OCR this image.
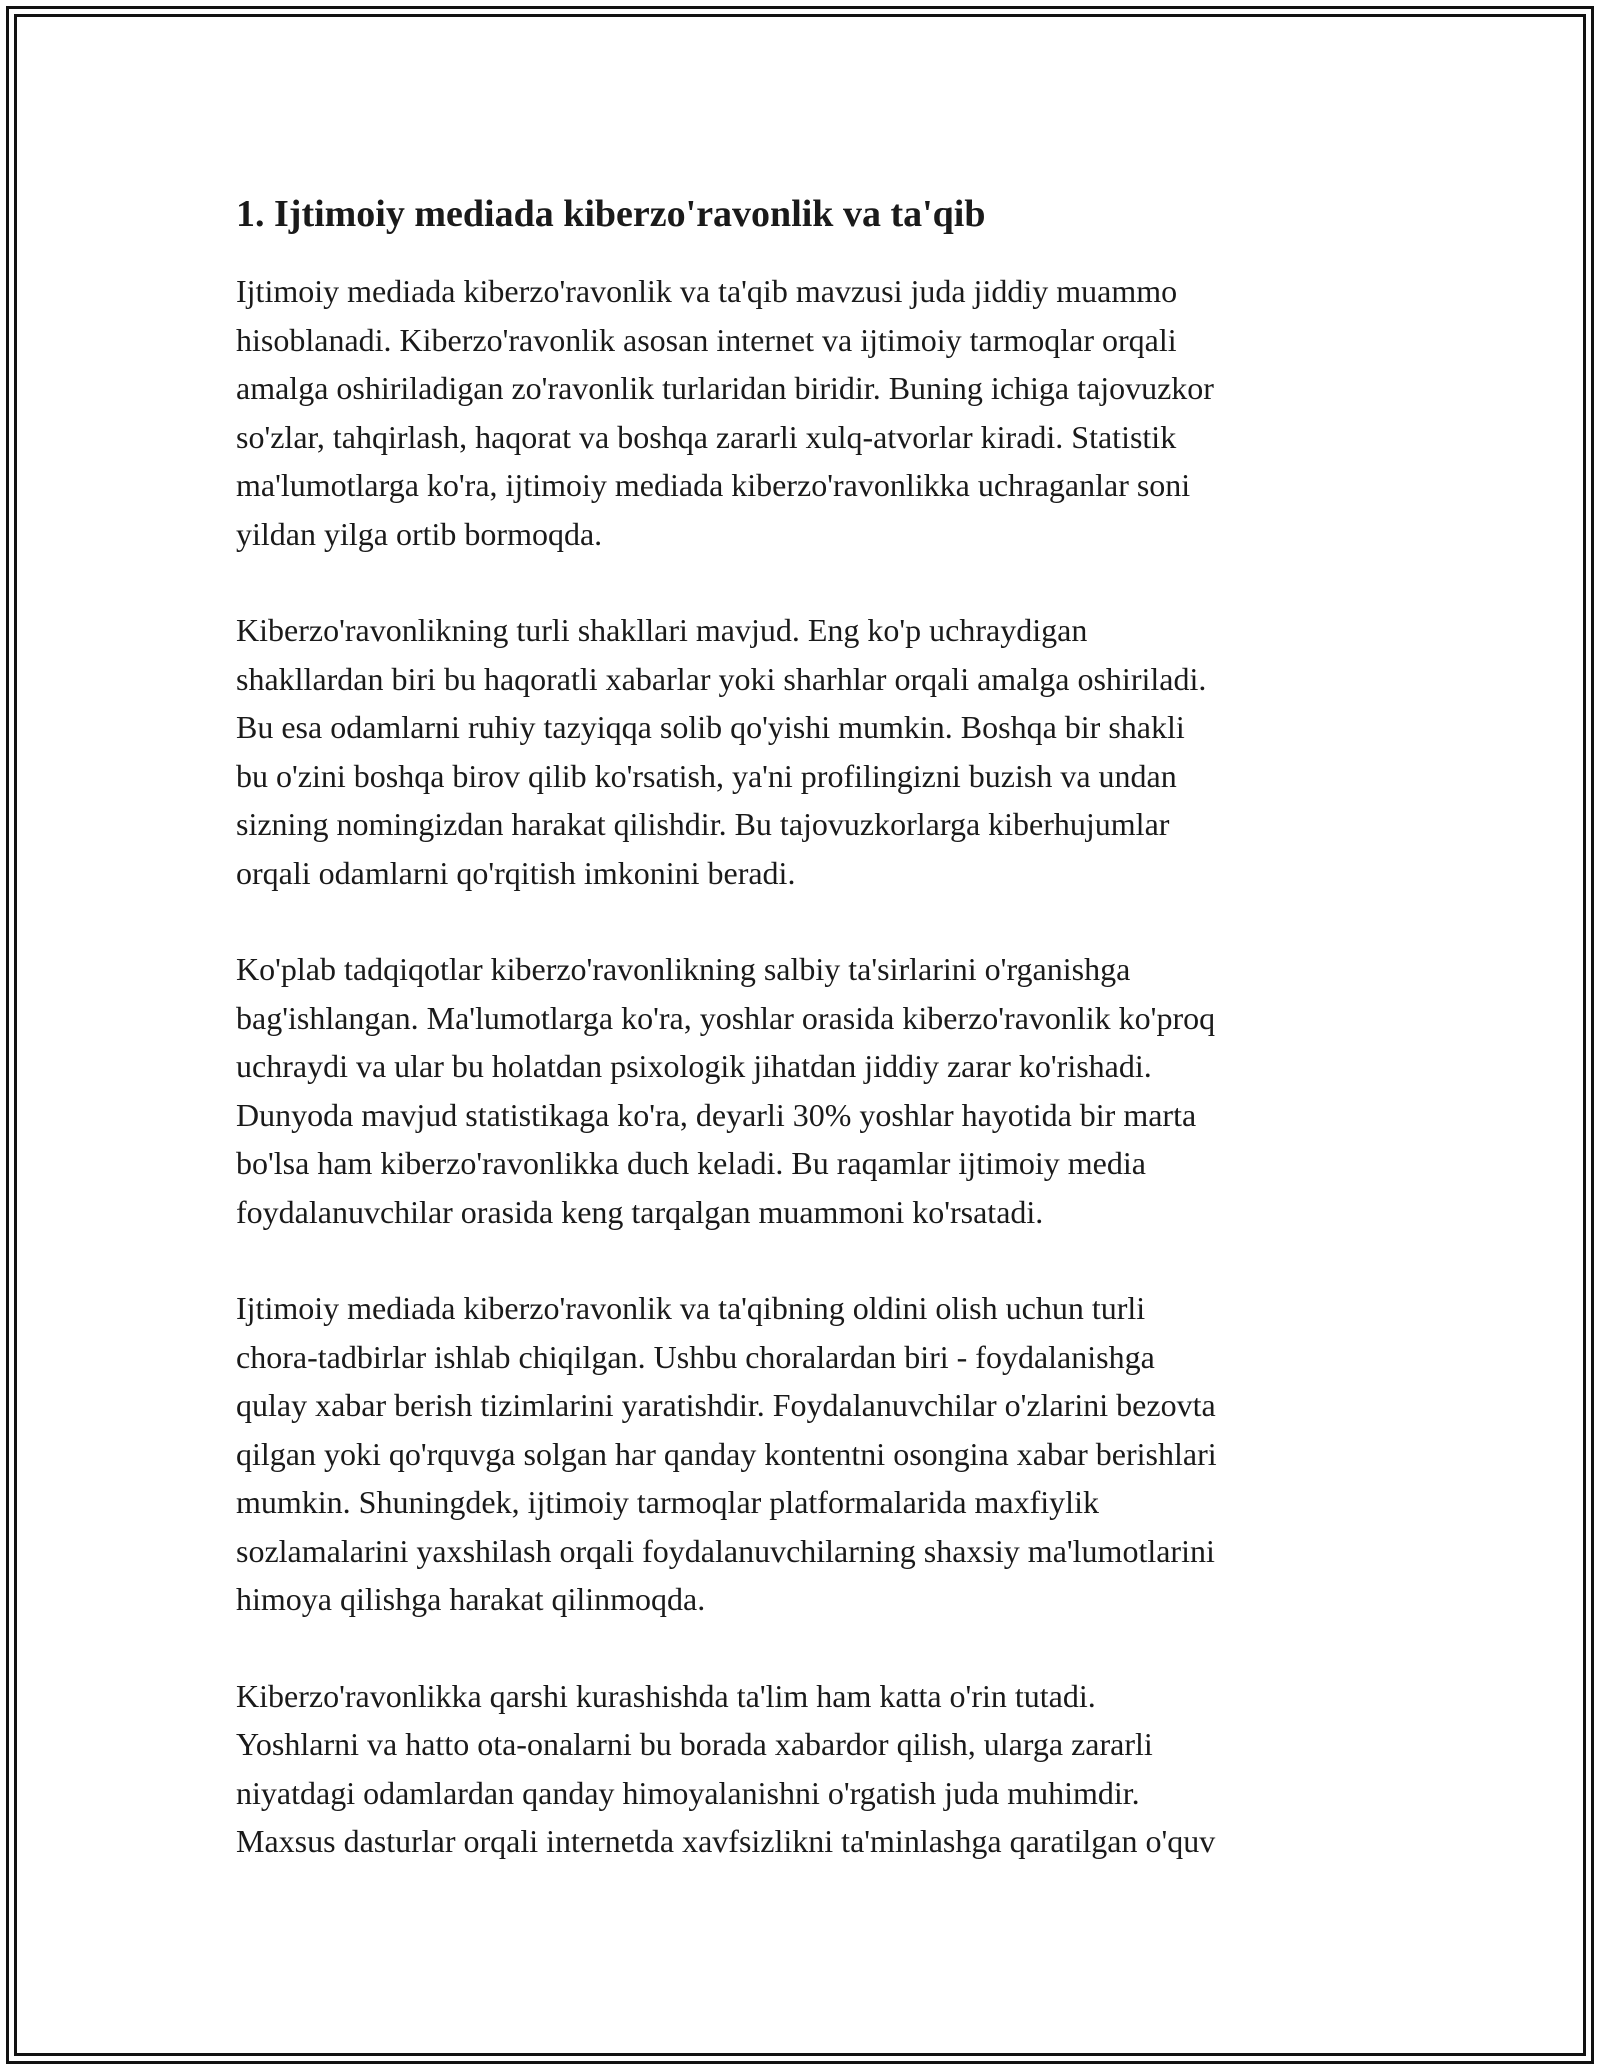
1. Ijtimoiy mediada kiberzo'ravonlik va ta'qib

Ijtimoiy mediada kiberzo'ravonlik va ta'qib mavzusi juda jiddiy muammo
hisoblanadi. Kiberzo'ravonlik asosan internet va ijtimoiy tarmoqlar orqali
amalga oshiriladigan zo'ravonlik turlaridan biridir. Buning ichiga tajovuzkor
so'zlar, tahqirlash, haqorat va boshqa zararli xulq-atvorlar kiradi. Statistik
ma'lumotlarga ko'ra, ijtimoiy mediada kiberzo'ravonlikka uchraganlar soni
yildan yilga ortib bormoqda.

Kiberzo'ravonlikning turli shakllari mavjud. Eng ko'p uchraydigan
shakllardan biri bu haqoratli xabarlar yoki sharhlar orqali amalga oshiriladi.
Bu esa odamlarni ruhiy tazyiqqa solib qo'yishi mumkin. Boshqa bir shakli
bu o'zini boshqa birov qilib ko'rsatish, ya'ni profilingizni buzish va undan
sizning nomingizdan harakat qilishdir. Bu tajovuzkorlarga kiberhujumlar
orqali odamlarni qo'rqitish imkonini beradi.

Ko'plab tadqiqotlar kiberzo'ravonlikning salbiy ta'sirlarini o'rganishga
bag'ishlangan. Ma'lumotlarga ko'ra, yoshlar orasida kiberzo'ravonlik ko'proq
uchraydi va ular bu holatdan psixologik jihatdan jiddiy zarar ko'rishadi.
Dunyoda mavjud statistikaga ko'ra, deyarli 30% yoshlar hayotida bir marta
bo'lsa ham kiberzo'ravonlikka duch keladi. Bu raqamlar ijtimoiy media
foydalanuvchilar orasida keng tarqalgan muammoni ko'rsatadi.

Ijtimoiy mediada kiberzo'ravonlik va ta'qibning oldini olish uchun turli
chora-tadbirlar ishlab chiqilgan. Ushbu choralardan biri - foydalanishga
qulay xabar berish tizimlarini yaratishdir. Foydalanuvchilar o'zlarini bezovta
qilgan yoki qo'rquvga solgan har qanday kontentni osongina xabar berishlari
mumkin. Shuningdek, ijtimoiy tarmoqlar platformalarida maxfiylik
sozlamalarini yaxshilash orqali foydalanuvchilarning shaxsiy ma'lumotlarini
himoya qilishga harakat qilinmoqda.

Kiberzo'ravonlikka qarshi kurashishda ta'lim ham katta o'rin tutadi.
Yoshlarni va hatto ota-onalarni bu borada xabardor qilish, ularga zararli
niyatdagi odamlardan qanday himoyalanishni o'rgatish juda muhimdir.
Maxsus dasturlar orqali internetda xavfsizlikni ta'minlashga qaratilgan o'quv
